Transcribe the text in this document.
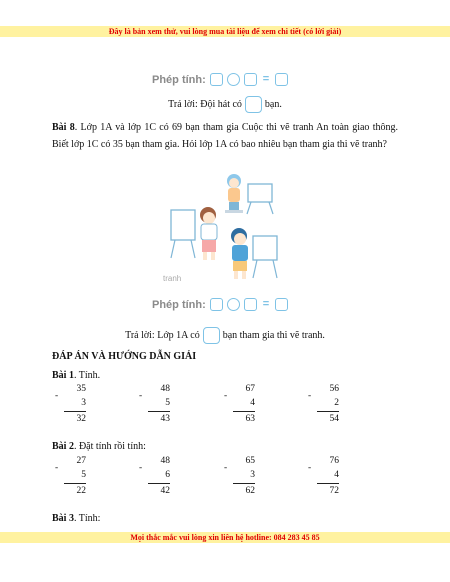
Đây là bản xem thử, vui lòng mua tài liệu để xem chi tiết (có lời giải)
Phép tính:	=
Trả lời: Đội hát có bạn.
Bài 8. Lớp 1A và lớp 1C có 69 bạn tham gia Cuộc thi vẽ tranh An toàn giao thông. Biết lớp 1C có 35 bạn tham gia. Hỏi lớp 1A có bao nhiêu bạn tham gia thi vẽ tranh?
tranh
Phép tính:	=
Trả lời: Lớp 1A có bạn tham gia thi vẽ tranh.
ĐÁP ÁN VÀ HƯỚNG DẪN GIẢI
Bài 1. Tính.
35
-
3
32
48
-
5
43
67
-
4
63
56
-
2
54
Bài 2. Đặt tính rồi tính:
27
-
5
22
48
-
6
42
65
-
3
62
76
-
4
72
Bài 3. Tính:
Mọi thắc mắc vui lòng xin liên hệ hotline: 084 283 45 85
